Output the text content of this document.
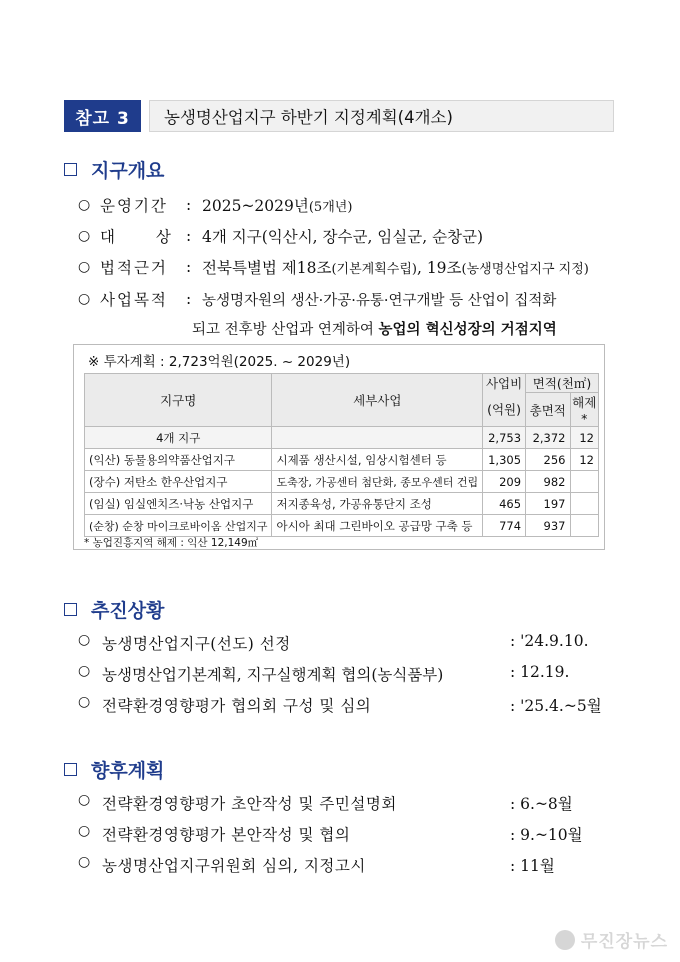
참고 3	농생명산업지구 하반기 지정계획(4개소)
지구개요
○ 운영기간	: 2025~2029년 (5개년)
○ 대 상 : 4개 지구 (익산시, 장수군, 임실군, 순창군)
○ 법적근거	: 전북특별법 제18조 (기본계획수립) , 19조 (농생명산업지구 지정)
○ 사업목적	: 농생명자원의 생산·가공·유통·연구개발 등 산업이 집적화
되고 전후방 산업과 연계하여 농업의 혁신성장의 거점지역
※ 투자계획 : 2,723억원(2025. ~ 2029년)
지구명	세부사업	사업비	면적(천㎡)	
		(억원)	총면적	해제*
4개 지구		2,753	2,372	12
(익산) 동물용의약품산업지구	시제품 생산시설, 임상시험센터 등	1,305	256	12
(장수) 저탄소 한우산업지구	도축장, 가공센터 첨단화, 종모우센터 건립	209	982	
(임실) 임실엔치즈·낙농 산업지구	저지종육성, 가공유통단지 조성	465	197	
(순창) 순창 마이크로바이옴 산업지구	아시아 최대 그린바이오 공급망 구축 등	774	937	
* 농업진흥지역 해제 : 익산 12,149㎡
추진상황
○ 농생명산업지구(선도) 선정	: '24.9.10.
○ 농생명산업기본계획, 지구실행계획 협의(농식품부)	: 12.19.
○ 전략환경영향평가 협의회 구성 및 심의	: '25.4.~5월
향후계획
○ 전략환경영향평가 초안작성 및 주민설명회	: 6.~8월
○ 전략환경영향평가 본안작성 및 협의	: 9.~10월
○ 농생명산업지구위원회 심의, 지정고시	: 11월
무진장뉴스
